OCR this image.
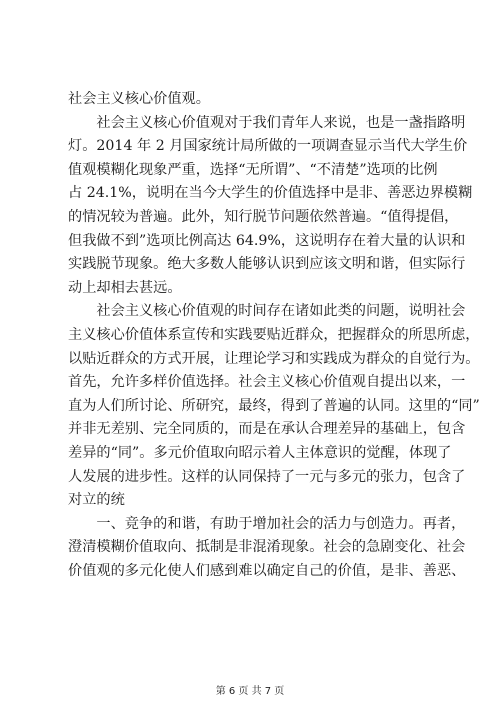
社会主义核心价值观。
社会主义核心价值观对于我们青年人来说，也是一盏指路明
灯。2014 年 2 月国家统计局所做的一项调查显示当代大学生价
值观模糊化现象严重，选择“无所谓”、“不清楚”选项的比例
占 24.1%，说明在当今大学生的价值选择中是非、善恶边界模糊
的情况较为普遍。此外，知行脱节问题依然普遍。“值得提倡，
但我做不到”选项比例高达 64.9%，这说明存在着大量的认识和
实践脱节现象。绝大多数人能够认识到应该文明和谐，但实际行
动上却相去甚远。
社会主义核心价值观的时间存在诸如此类的问题，说明社会
主义核心价值体系宣传和实践要贴近群众，把握群众的所思所虑，
以贴近群众的方式开展，让理论学习和实践成为群众的自觉行为。
首先，允许多样价值选择。社会主义核心价值观自提出以来，一
直为人们所讨论、所研究，最终，得到了普遍的认同。这里的“同”
并非无差别、完全同质的，而是在承认合理差异的基础上，包含
差异的“同”。多元价值取向昭示着人主体意识的觉醒，体现了
人发展的进步性。这样的认同保持了一元与多元的张力，包含了
对立的统
一、竞争的和谐，有助于增加社会的活力与创造力。再者，
澄清模糊价值取向、抵制是非混淆现象。社会的急剧变化、社会
价值观的多元化使人们感到难以确定自己的价值，是非、善恶、
第 6 页 共 7 页
